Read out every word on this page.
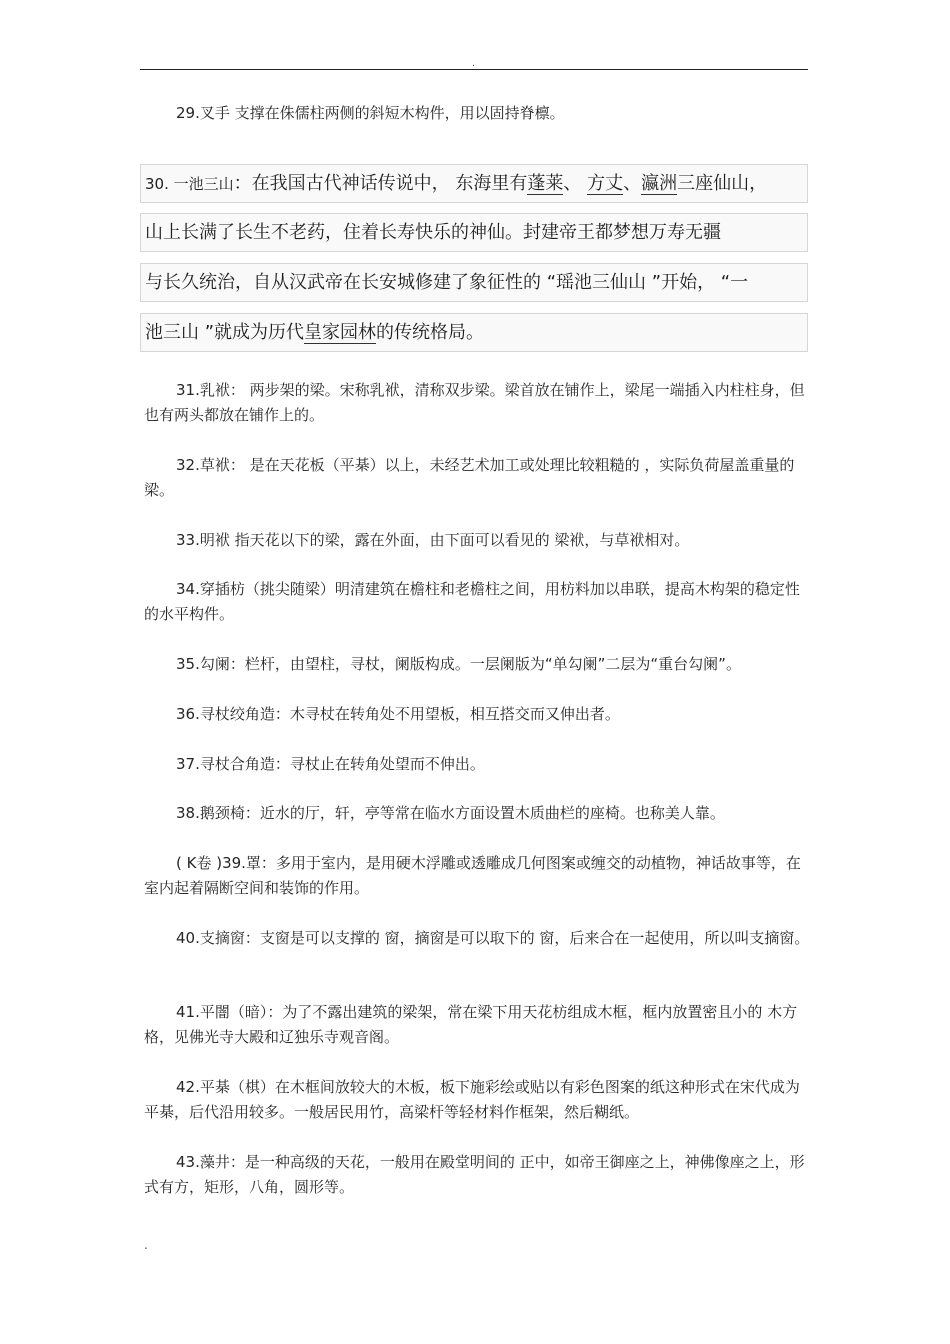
.

29.叉手 支撑在侏儒柱两侧的斜短木构件，用以固持脊檩。

30. 一池三山：在我国古代神话传说中， 东海里有蓬莱、 方丈、瀛洲三座仙山，
山上长满了长生不老药，住着长寿快乐的神仙。封建帝王都梦想万寿无疆
与长久统治，自从汉武帝在长安城修建了象征性的 “瑶池三仙山 ”开始， “一
池三山 ”就成为历代皇家园林的传统格局。

31.乳袱： 两步架的梁。宋称乳袱，清称双步梁。梁首放在铺作上，梁尾一端插入内柱柱身，但也有两头都放在铺作上的。

32.草袱： 是在天花板（平棊）以上，未经艺术加工或处理比较粗糙的 ，实际负荷屋盖重量的梁。

33.明袱 指天花以下的梁，露在外面，由下面可以看见的 梁袱，与草袱相对。

34.穿插枋（挑尖随梁）明清建筑在檐柱和老檐柱之间，用枋料加以串联，提高木构架的稳定性的水平构件。

35.勾阑：栏杆，由望柱，寻杖，阑版构成。一层阑版为“单勾阑”二层为“重台勾阑”。

36.寻杖绞角造：木寻杖在转角处不用望板，相互搭交而又伸出者。

37.寻杖合角造：寻杖止在转角处望而不伸出。

38.鹅颈椅：近水的厅，轩，亭等常在临水方面设置木质曲栏的座椅。也称美人靠。

( K卷 )39.罩：多用于室内，是用硬木浮雕或透雕成几何图案或缠交的动植物，神话故事等，在室内起着隔断空间和装饰的作用。

40.支摘窗：支窗是可以支撑的 窗，摘窗是可以取下的 窗，后来合在一起使用，所以叫支摘窗。

41.平闇（暗）：为了不露出建筑的梁架，常在梁下用天花枋组成木框，框内放置密且小的 木方格，见佛光寺大殿和辽独乐寺观音阁。

42.平棊（棋）在木框间放较大的木板，板下施彩绘或贴以有彩色图案的纸这种形式在宋代成为平棊，后代沿用较多。一般居民用竹，高梁杆等轻材料作框架，然后糊纸。

43.藻井：是一种高级的天花，一般用在殿堂明间的 正中，如帝王御座之上，神佛像座之上，形式有方，矩形，八角，圆形等。

.
